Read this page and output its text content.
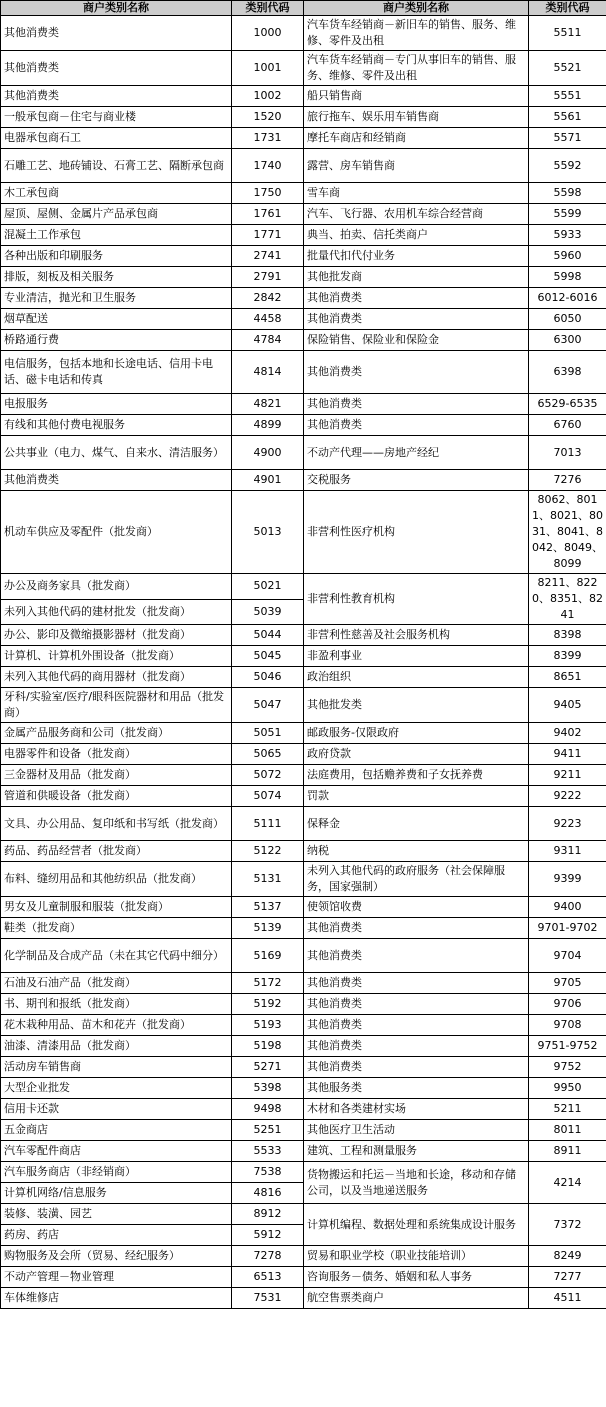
商户类别名称	类别代码	商户类别名称	类别代码
其他消费类	1000	汽车货车经销商－新旧车的销售、服务、维修、零件及出租	5511
其他消费类	1001	汽车货车经销商－专门从事旧车的销售、服务、维修、零件及出租	5521
其他消费类	1002	船只销售商	5551
一般承包商－住宅与商业楼	1520	旅行拖车、娱乐用车销售商	5561
电器承包商石工	1731	摩托车商店和经销商	5571
石雕工艺、地砖铺设、石膏工艺、隔断承包商	1740	露营、房车销售商	5592
木工承包商	1750	雪车商	5598
屋顶、屋侧、金属片产品承包商	1761	汽车、飞行器、农用机车综合经营商	5599
混凝土工作承包	1771	典当、拍卖、信托类商户	5933
各种出版和印刷服务	2741	批量代扣代付业务	5960
排版，刻板及相关服务	2791	其他批发商	5998
专业清洁，抛光和卫生服务	2842	其他消费类	6012-6016
烟草配送	4458	其他消费类	6050
桥路通行费	4784	保险销售、保险业和保险金	6300
电信服务，包括本地和长途电话、信用卡电话、磁卡电话和传真	4814	其他消费类	6398
电报服务	4821	其他消费类	6529-6535
有线和其他付费电视服务	4899	其他消费类	6760
公共事业（电力、煤气、自来水、清洁服务）	4900	不动产代理——房地产经纪	7013
其他消费类	4901	交税服务	7276
机动车供应及零配件（批发商）	5013	非营利性医疗机构	8062、8011、8021、8031、8041、8042、8049、8099
办公及商务家具（批发商）	5021	非营利性教育机构	8211、8220、8351、8241
未列入其他代码的建材批发（批发商）	5039		
办公、影印及微缩摄影器材（批发商）	5044	非营利性慈善及社会服务机构	8398
计算机、计算机外围设备（批发商）	5045	非盈利事业	8399
未列入其他代码的商用器材（批发商）	5046	政治组织	8651
牙科/实验室/医疗/眼科医院器材和用品（批发商）	5047	其他批发类	9405
金属产品服务商和公司（批发商）	5051	邮政服务-仅限政府	9402
电器零件和设备（批发商）	5065	政府贷款	9411
三金器材及用品（批发商）	5072	法庭费用，包括赡养费和子女抚养费	9211
管道和供暖设备（批发商）	5074	罚款	9222
文具、办公用品、复印纸和书写纸（批发商）	5111	保释金	9223
药品、药品经营者（批发商）	5122	纳税	9311
布料、缝纫用品和其他纺织品（批发商）	5131	未列入其他代码的政府服务（社会保障服务，国家强制）	9399
男女及儿童制服和服装（批发商）	5137	使领馆收费	9400
鞋类（批发商）	5139	其他消费类	9701-9702
化学制品及合成产品（未在其它代码中细分）	5169	其他消费类	9704
石油及石油产品（批发商）	5172	其他消费类	9705
书、期刊和报纸（批发商）	5192	其他消费类	9706
花木栽种用品、苗木和花卉（批发商）	5193	其他消费类	9708
油漆、清漆用品（批发商）	5198	其他消费类	9751-9752
活动房车销售商	5271	其他消费类	9752
大型企业批发	5398	其他服务类	9950
信用卡还款	9498	木材和各类建材实场	5211
五金商店	5251	其他医疗卫生活动	8011
汽车零配件商店	5533	建筑、工程和测量服务	8911
汽车服务商店（非经销商）	7538	货物搬运和托运－当地和长途，移动和存储公司，以及当地递送服务	4214
计算机网络/信息服务	4816		
装修、装潢、园艺	8912	计算机编程、数据处理和系统集成设计服务	7372
药房、药店	5912		
购物服务及会所（贸易、经纪服务）	7278	贸易和职业学校（职业技能培训）	8249
不动产管理－物业管理	6513	咨询服务－债务、婚姻和私人事务	7277
车体维修店	7531	航空售票类商户	4511
